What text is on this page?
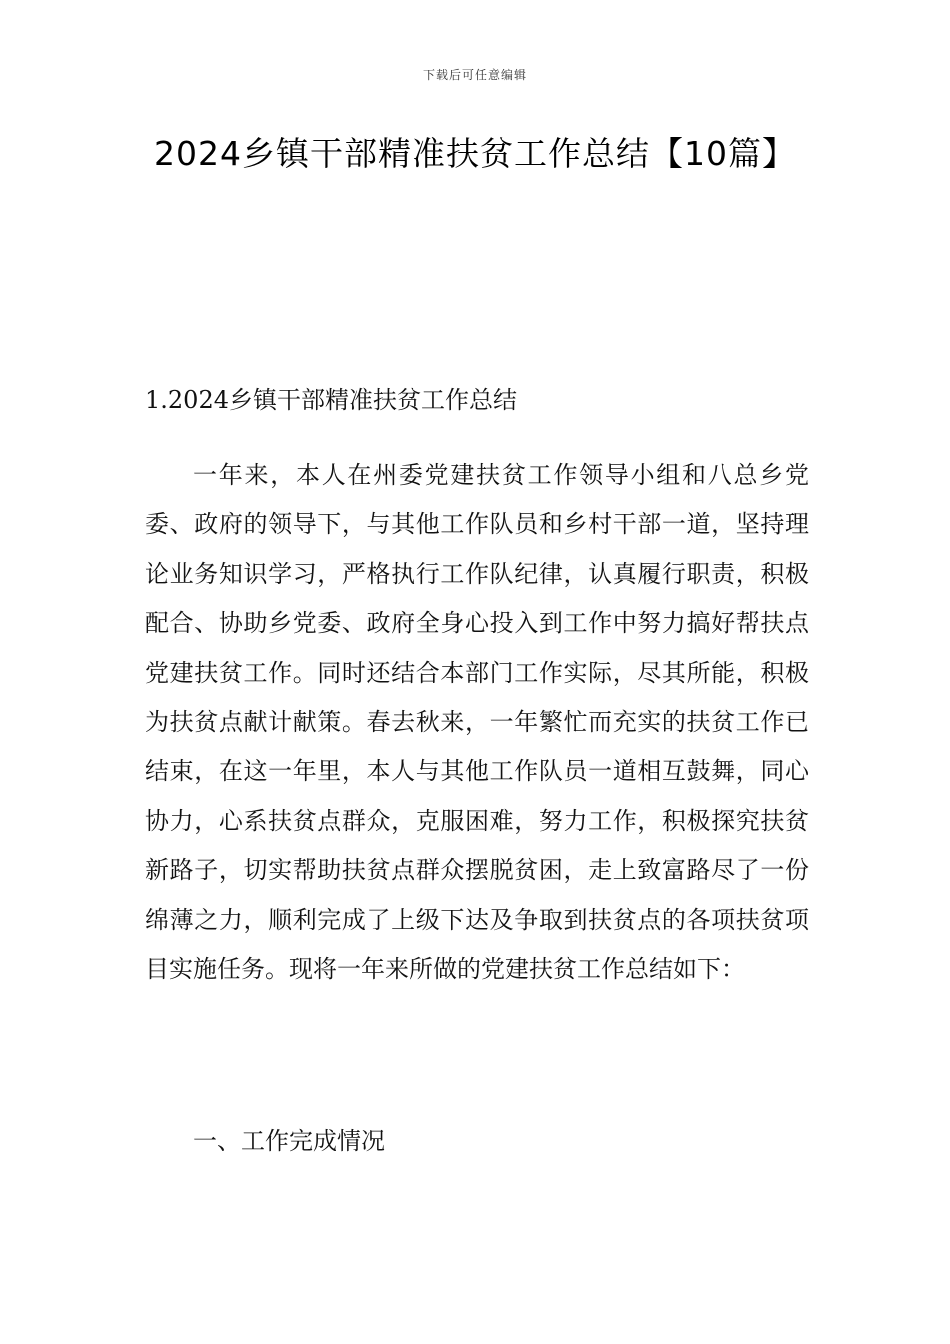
下载后可任意编辑
2024乡镇干部精准扶贫工作总结【10篇】
1.2024乡镇干部精准扶贫工作总结

一年来，本人在州委党建扶贫工作领导小组和八总乡党委、政府的领导下，与其他工作队员和乡村干部一道，坚持理论业务知识学习，严格执行工作队纪律，认真履行职责，积极配合、协助乡党委、政府全身心投入到工作中努力搞好帮扶点党建扶贫工作。同时还结合本部门工作实际，尽其所能，积极为扶贫点献计献策。春去秋来，一年繁忙而充实的扶贫工作已结束，在这一年里，本人与其他工作队员一道相互鼓舞，同心协力，心系扶贫点群众，克服困难，努力工作，积极探究扶贫新路子，切实帮助扶贫点群众摆脱贫困，走上致富路尽了一份绵薄之力，顺利完成了上级下达及争取到扶贫点的各项扶贫项目实施任务。现将一年来所做的党建扶贫工作总结如下：

一、工作完成情况
